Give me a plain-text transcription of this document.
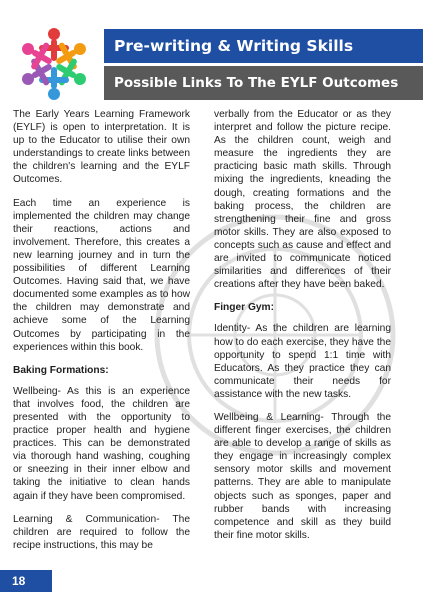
Pre-writing & Writing Skills
Possible Links To The EYLF Outcomes

The Early Years Learning Framework (EYLF) is open to interpretation. It is up to the Educator to utilise their own understandings to create links between the children's learning and the EYLF Outcomes.

Each time an experience is implemented the children may change their reactions, actions and involvement. Therefore, this creates a new learning journey and in turn the possibilities of different Learning Outcomes. Having said that, we have documented some examples as to how the children may demonstrate and achieve some of the Learning Outcomes by participating in the experiences within this book.

Baking Formations:

Wellbeing- As this is an experience that involves food, the children are presented with the opportunity to practice proper health and hygiene practices. This can be demonstrated via thorough hand washing, coughing or sneezing in their inner elbow and taking the initiative to clean hands again if they have been compromised.

Learning & Communication- The children are required to follow the recipe instructions, this may be

verbally from the Educator or as they interpret and follow the picture recipe. As the children count, weigh and measure the ingredients they are practicing basic math skills. Through mixing the ingredients, kneading the dough, creating formations and the baking process, the children are strengthening their fine and gross motor skills. They are also exposed to concepts such as cause and effect and are invited to communicate noticed similarities and differences of their creations after they have been baked.

Finger Gym:

Identity- As the children are learning how to do each exercise, they have the opportunity to spend 1:1 time with Educators. As they practice they can communicate their needs for assistance with the new tasks.

Wellbeing & Learning- Through the different finger exercises, the children are able to develop a range of skills as they engage in increasingly complex sensory motor skills and movement patterns. They are able to manipulate objects such as sponges, paper and rubber bands with increasing competence and skill as they build their fine motor skills.

18
